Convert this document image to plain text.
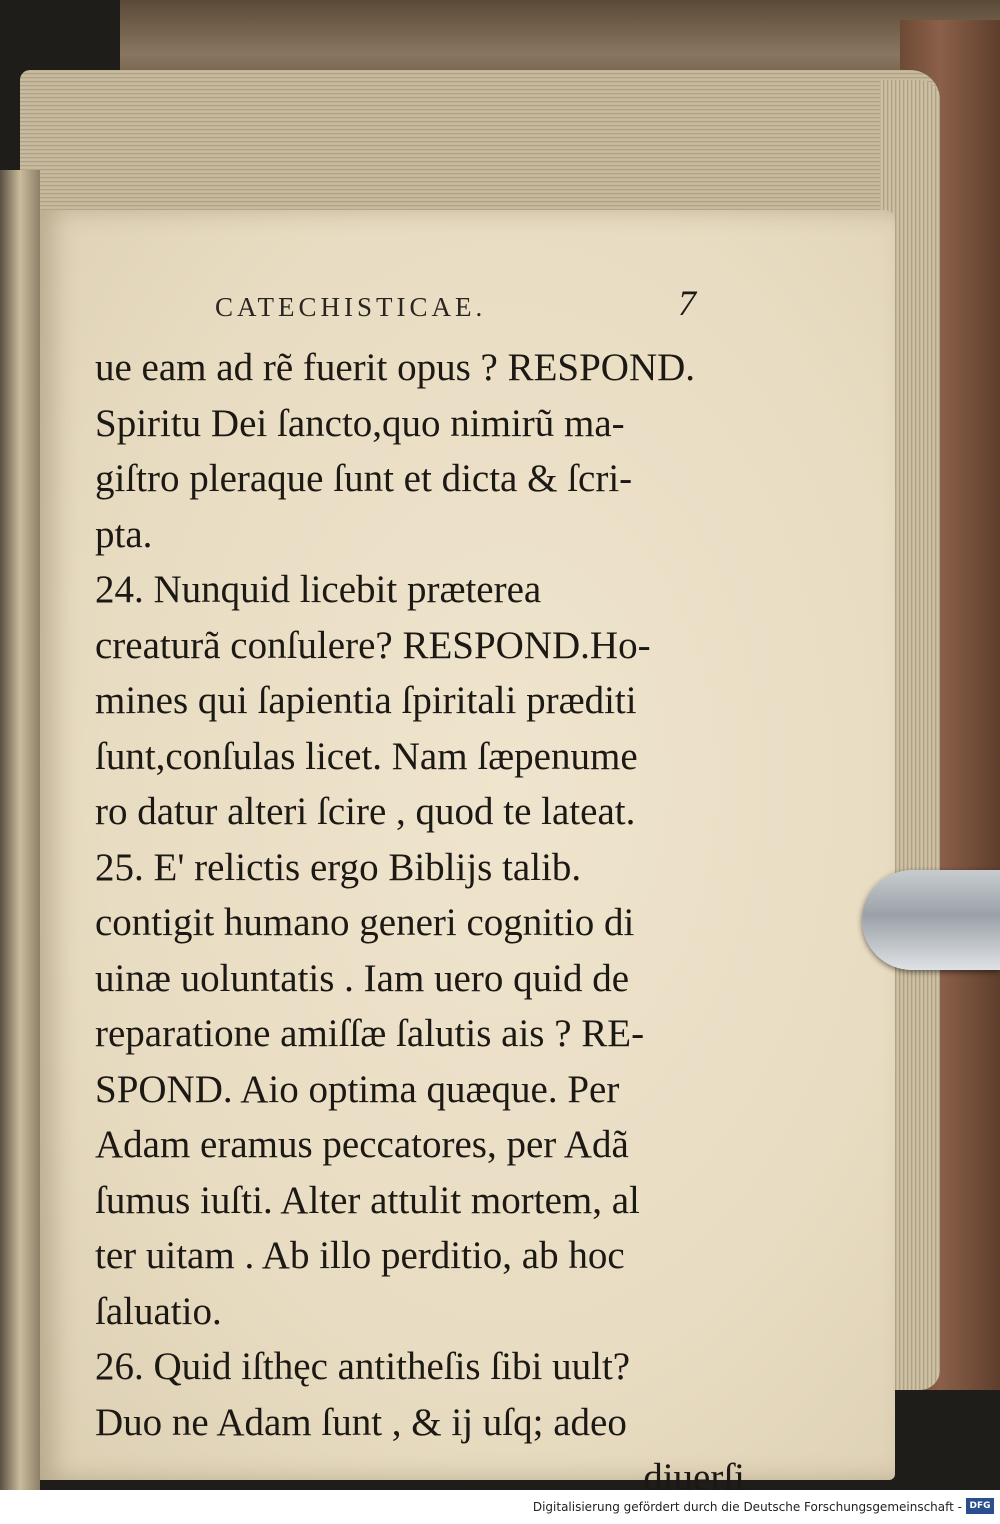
CATECHISTICAE.	7
ue eam ad rẽ fuerit opus ? RESPOND.
Spiritu Dei ſancto,quo nimirũ ma-
giſtro pleraque ſunt et dicta & ſcri-
pta.
24. Nunquid licebit prӕterea
creaturã conſulere? RESPOND.Ho-
mines qui ſapientia ſpiritali prӕditi
ſunt,conſulas licet. Nam ſӕpenume
ro datur alteri ſcire , quod te lateat.
25. E' relictis ergo Biblijs talib.
contigit humano generi cognitio di
uinӕ uoluntatis . Iam uero quid de
reparatione amiſſӕ ſalutis ais ? RE-
SPOND. Aio optima quӕque. Per
Adam eramus peccatores, per Adã
ſumus iuſti. Alter attulit mortem, al
ter uitam . Ab illo perditio, ab hoc
ſaluatio.
26. Quid iſthęc antitheſis ſibi uult?
Duo ne Adam ſunt , & ij uſq; adeo
diuerſi
Digitalisierung gefördert durch die Deutsche Forschungsgemeinschaft - DFG
